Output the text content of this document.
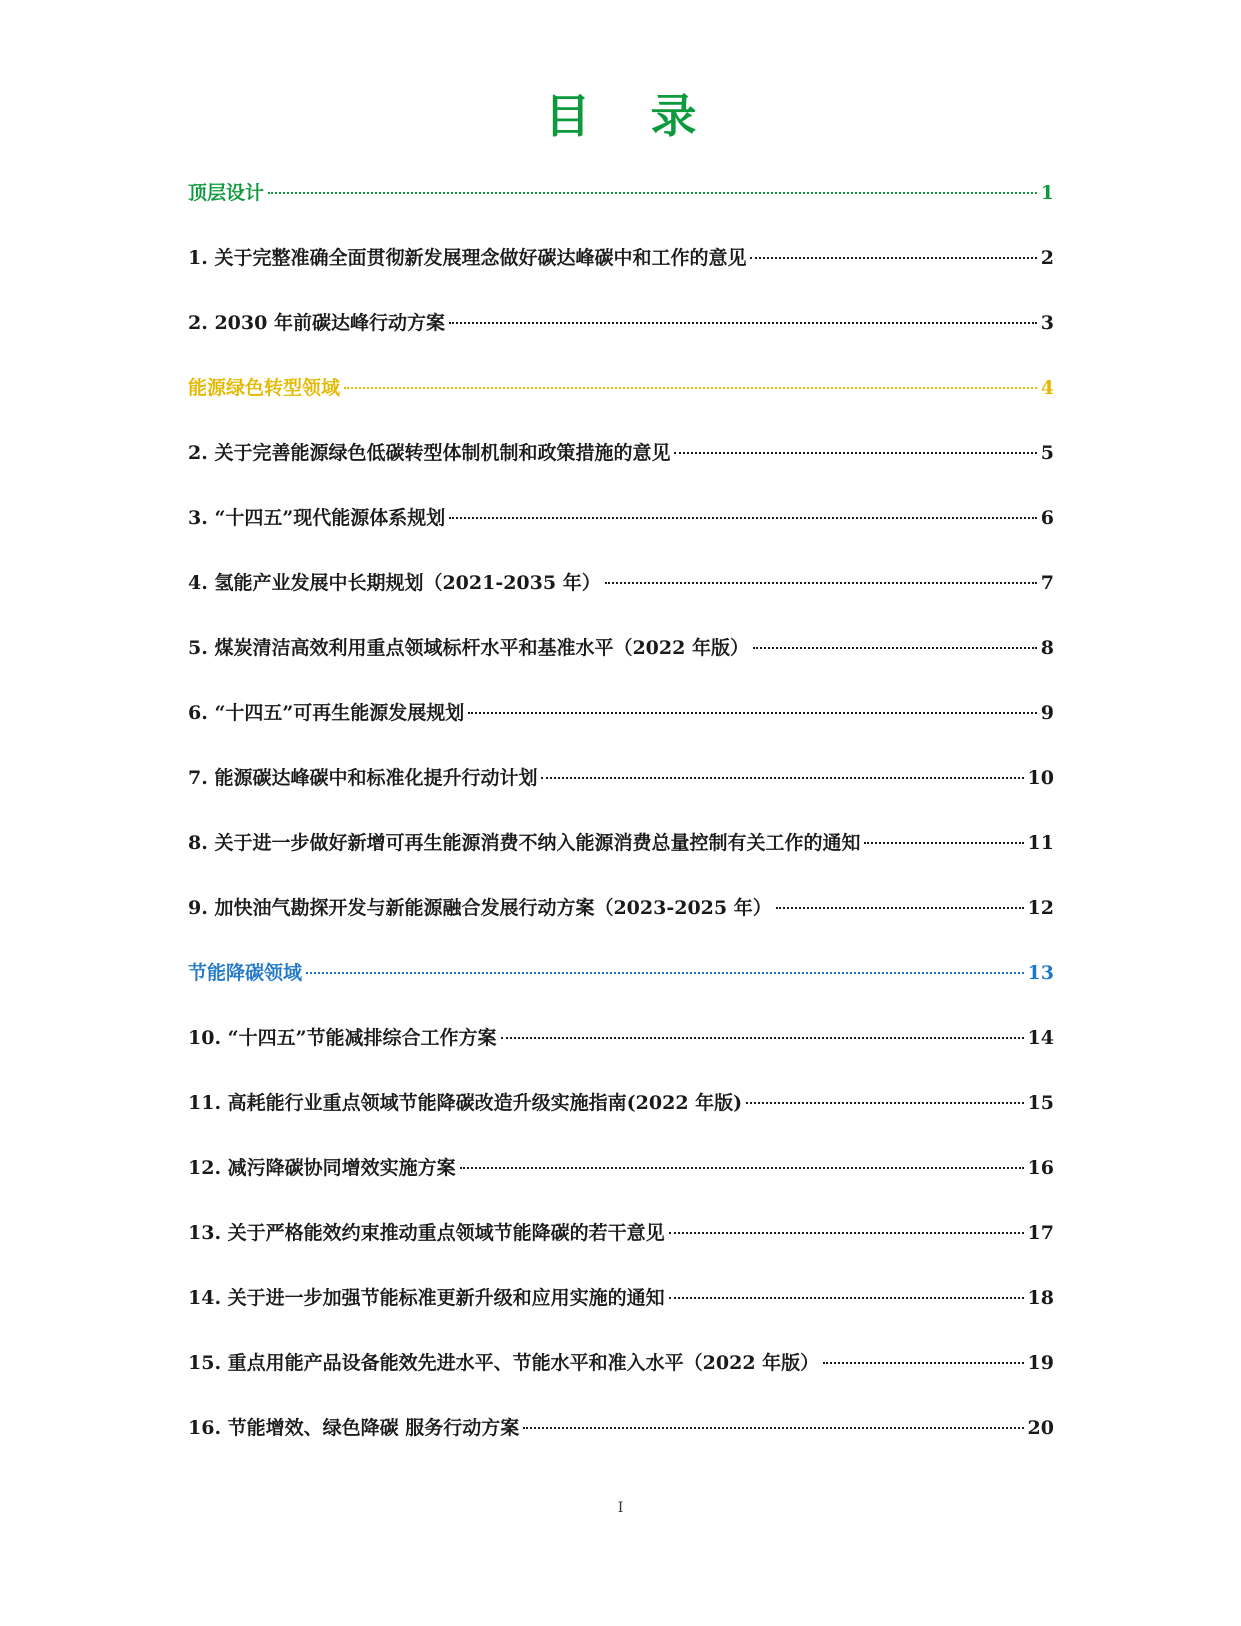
目 录
顶层设计	1
1. 关于完整准确全面贯彻新发展理念做好碳达峰碳中和工作的意见	2
2. 2030 年前碳达峰行动方案	3
能源绿色转型领域	4
2. 关于完善能源绿色低碳转型体制机制和政策措施的意见	5
3. “十四五”现代能源体系规划	6
4. 氢能产业发展中长期规划（2021-2035 年）	7
5. 煤炭清洁高效利用重点领域标杆水平和基准水平（2022 年版）	8
6. “十四五”可再生能源发展规划	9
7. 能源碳达峰碳中和标准化提升行动计划	10
8. 关于进一步做好新增可再生能源消费不纳入能源消费总量控制有关工作的通知	11
9. 加快油气勘探开发与新能源融合发展行动方案（2023-2025 年）	12
节能降碳领域	13
10. “十四五”节能减排综合工作方案	14
11. 高耗能行业重点领域节能降碳改造升级实施指南(2022 年版)	15
12. 减污降碳协同增效实施方案	16
13. 关于严格能效约束推动重点领域节能降碳的若干意见	17
14. 关于进一步加强节能标准更新升级和应用实施的通知	18
15. 重点用能产品设备能效先进水平、节能水平和准入水平（2022 年版）	19
16. 节能增效、绿色降碳 服务行动方案	20
I
